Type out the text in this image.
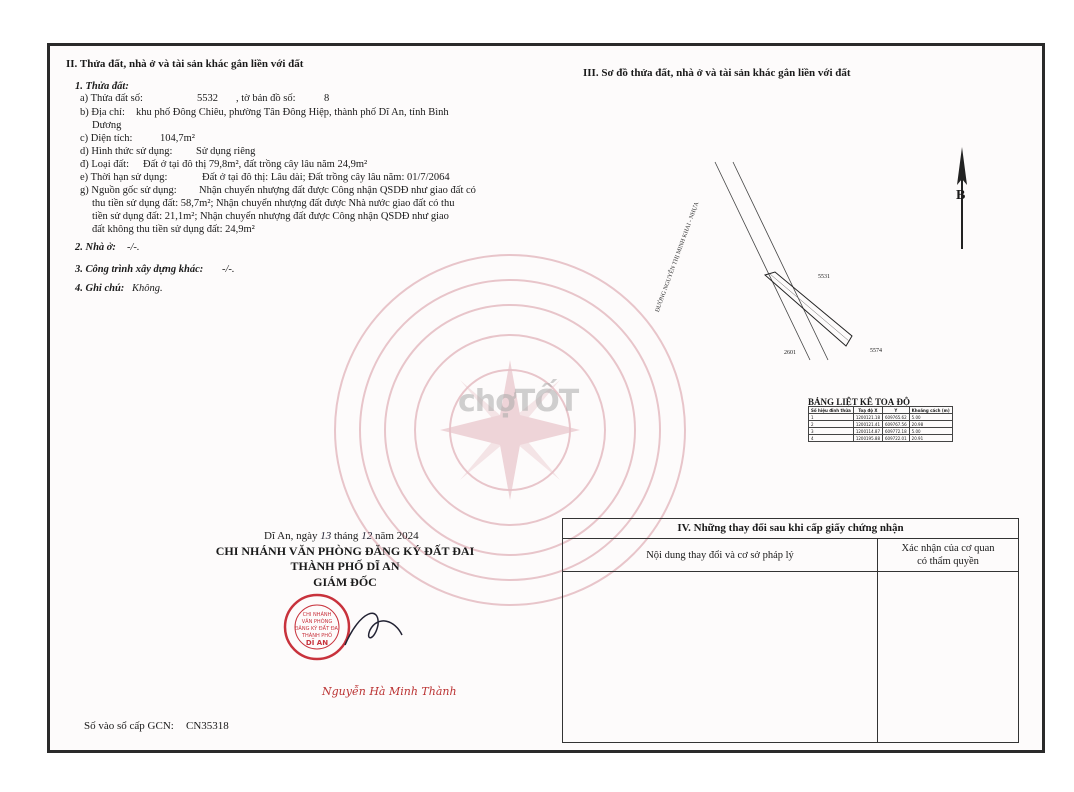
chợTỐT
II. Thửa đất, nhà ở và tài sản khác gắn liền với đất
1. Thửa đất:
a) Thửa đất số:	5532 , tờ bản đồ số:	8
b) Địa chỉ: khu phố Đông Chiêu, phường Tân Đông Hiệp, thành phố Dĩ An, tỉnh Bình
Dương
c) Diện tích:	104,7m²
d) Hình thức sử dụng: Sử dụng riêng
đ) Loại đất: Đất ở tại đô thị 79,8m², đất trồng cây lâu năm 24,9m²
e) Thời hạn sử dụng:	Đất ở tại đô thị: Lâu dài; Đất trồng cây lâu năm: 01/7/2064
g) Nguồn gốc sử dụng: Nhận chuyển nhượng đất được Công nhận QSDĐ như giao đất có
thu tiền sử dụng đất: 58,7m²; Nhận chuyển nhượng đất được Nhà nước giao đất có thu
tiền sử dụng đất: 21,1m²; Nhận chuyển nhượng đất được Công nhận QSDĐ như giao
đất không thu tiền sử dụng đất: 24,9m²
2. Nhà ở: -/-.
3. Công trình xây dựng khác: -/-.
4. Ghi chú: Không.
III. Sơ đồ thửa đất, nhà ở và tài sản khác gắn liền với đất
B
ĐƯỜNG NGUYỄN THỊ MINH KHAI - NHỰA	5531
2601	5574
BẢNG LIỆT KÊ TOẠ ĐỘ
Số hiệu đỉnh thửa	Toạ độ X	Y	Khoảng cách (m)
1	1200121.18	609765.62	5.00
2	1200121.41	609767.56	20.98
3	1200114.87	609772.18	5.00
4	1200195.88	609722.01	20.91
Dĩ An, ngày 13 tháng 12 năm 2024
CHI NHÁNH VĂN PHÒNG ĐĂNG KÝ ĐẤT ĐAI
THÀNH PHỐ DĨ AN
GIÁM ĐỐC
CHI NHÁNH
VĂN PHÒNG
ĐĂNG KÝ ĐẤT ĐAI
THÀNH PHỐ
DĨ AN
Nguyễn Hà Minh Thành
Số vào sổ cấp GCN: CN35318
IV. Những thay đổi sau khi cấp giấy chứng nhận
Nội dung thay đổi và cơ sở pháp lý
Xác nhận của cơ quan
có thẩm quyền
